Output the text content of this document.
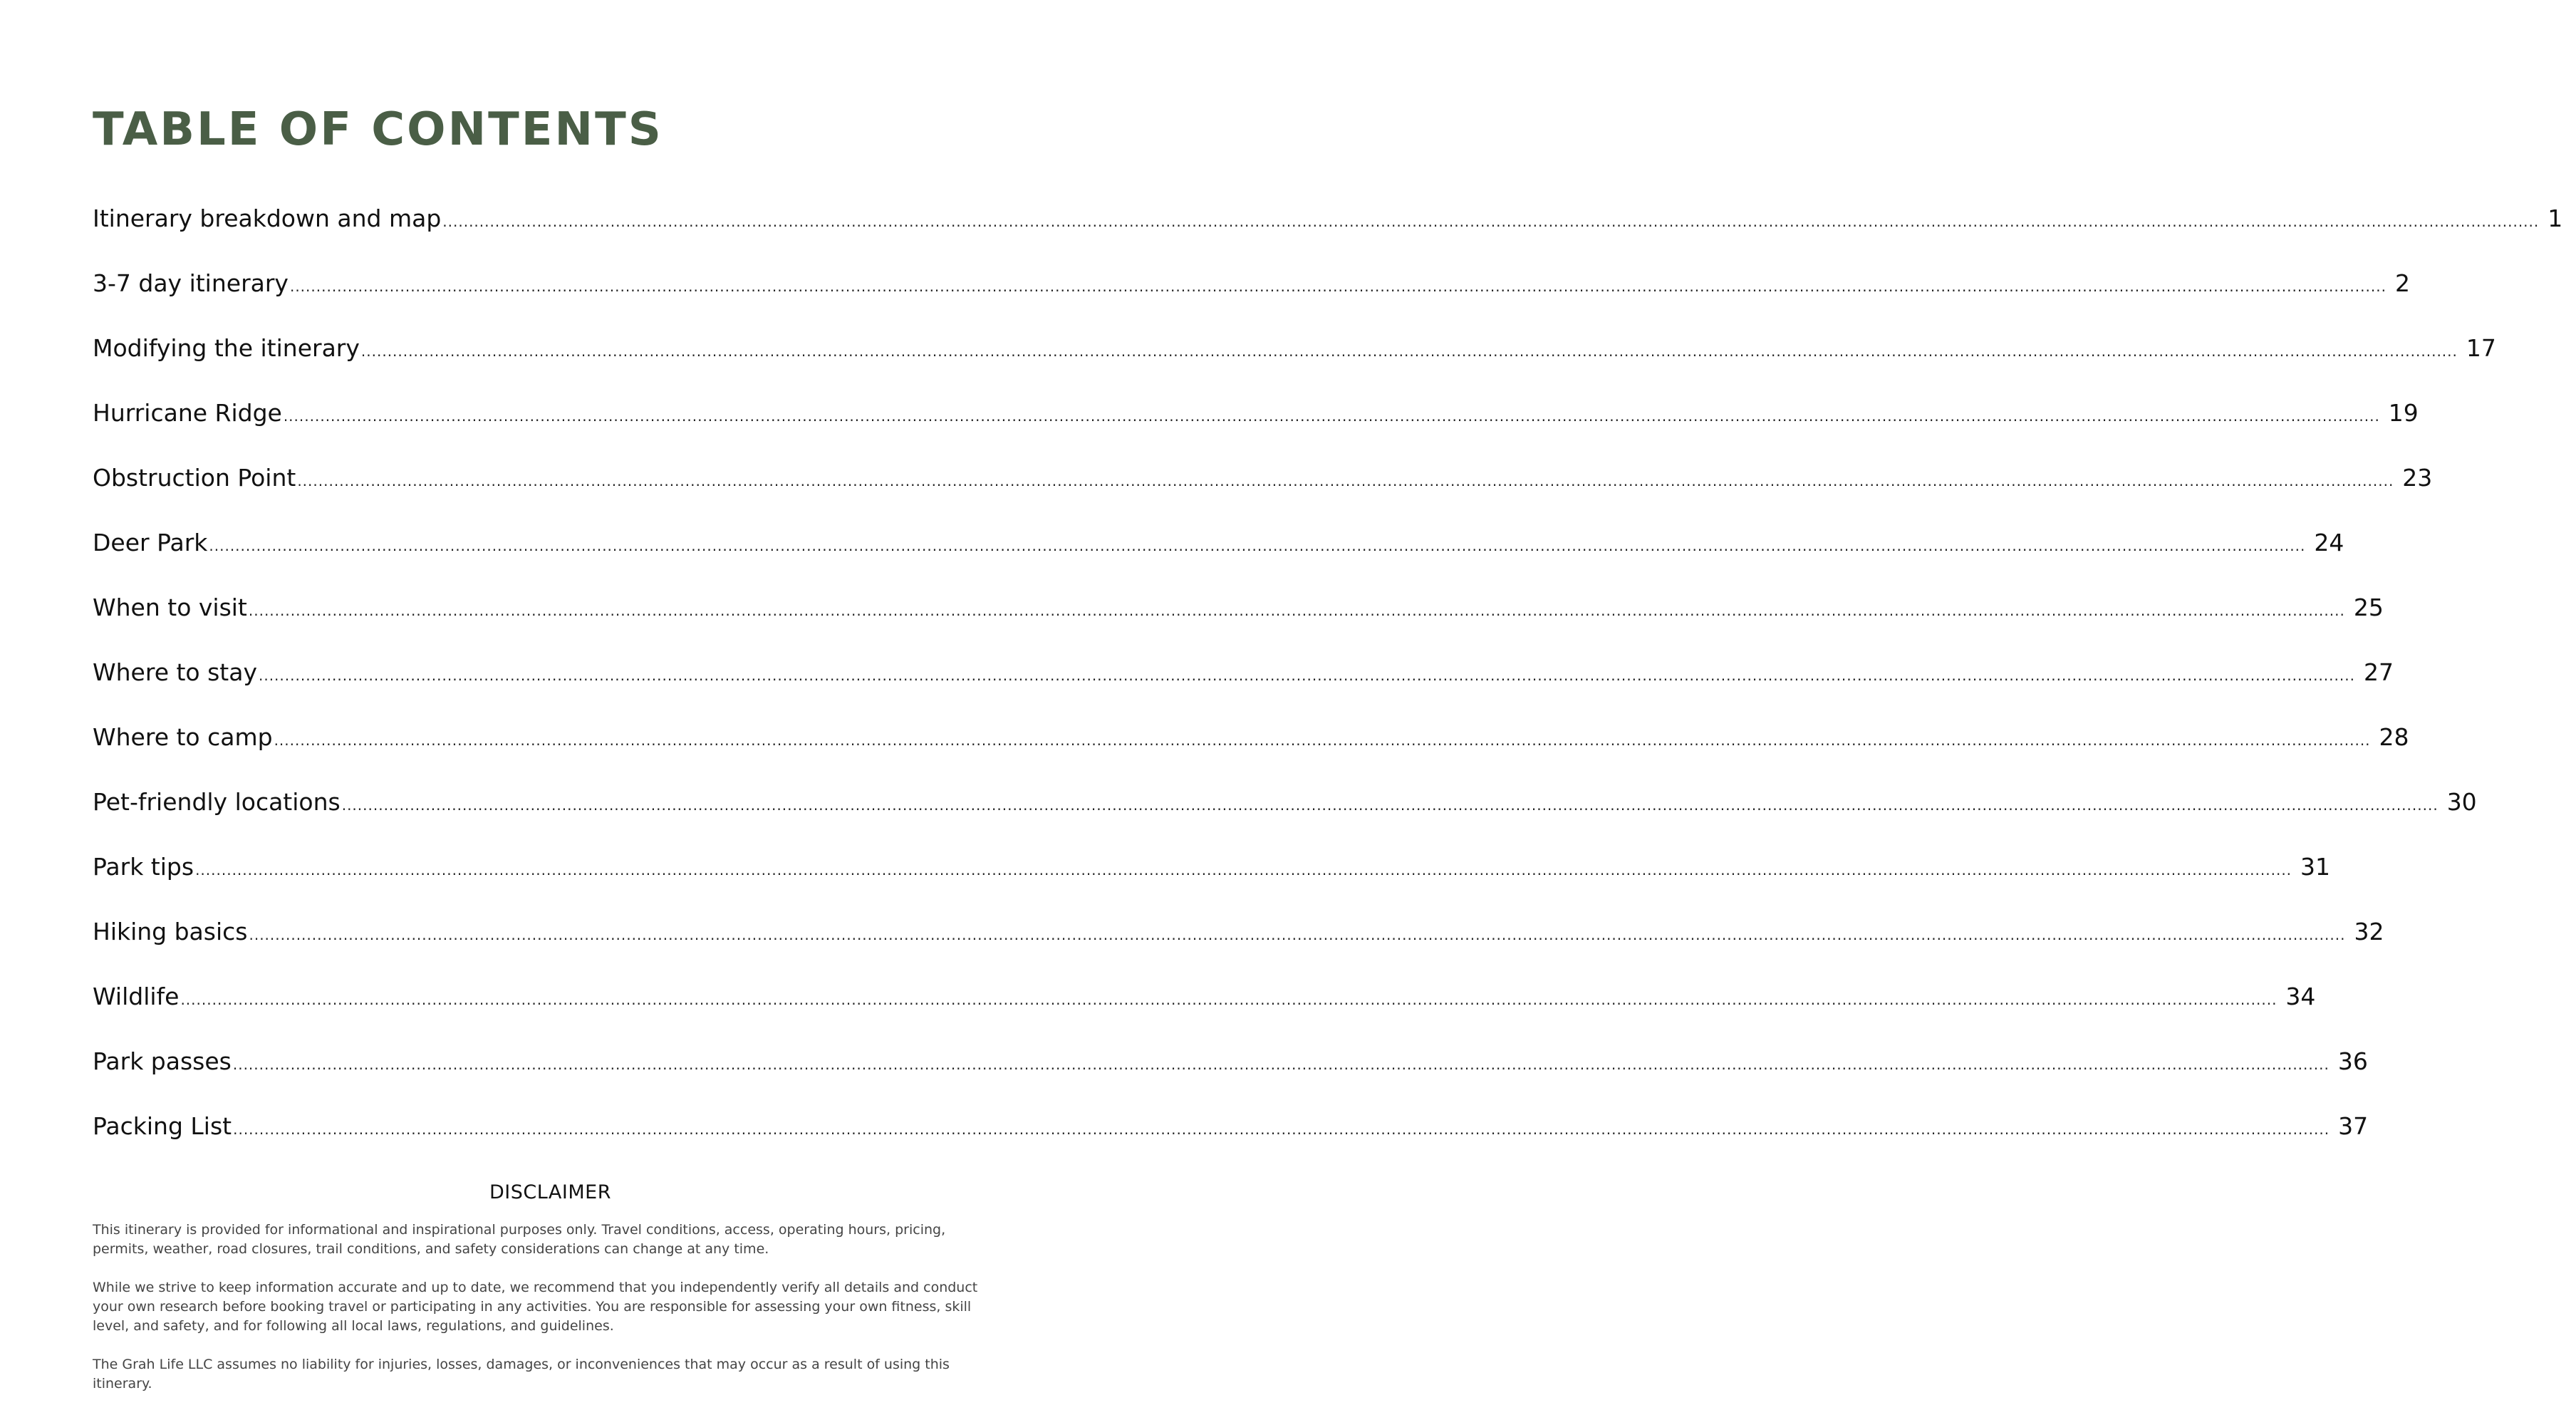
TABLE OF CONTENTS
Itinerary breakdown and map ................................................................................................................................................................................................................................................................................................................................................................................................................ 1
3-7 day itinerary ................................................................................................................................................................................................................................................................................................................................................................................................................ 2
Modifying the itinerary ................................................................................................................................................................................................................................................................................................................................................................................................................ 17
Hurricane Ridge ................................................................................................................................................................................................................................................................................................................................................................................................................ 19
Obstruction Point ................................................................................................................................................................................................................................................................................................................................................................................................................ 23
Deer Park ................................................................................................................................................................................................................................................................................................................................................................................................................ 24
When to visit ................................................................................................................................................................................................................................................................................................................................................................................................................ 25
Where to stay ................................................................................................................................................................................................................................................................................................................................................................................................................ 27
Where to camp ................................................................................................................................................................................................................................................................................................................................................................................................................ 28
Pet-friendly locations ................................................................................................................................................................................................................................................................................................................................................................................................................ 30
Park tips ................................................................................................................................................................................................................................................................................................................................................................................................................ 31
Hiking basics ................................................................................................................................................................................................................................................................................................................................................................................................................ 32
Wildlife ................................................................................................................................................................................................................................................................................................................................................................................................................ 34
Park passes ................................................................................................................................................................................................................................................................................................................................................................................................................ 36
Packing List ................................................................................................................................................................................................................................................................................................................................................................................................................ 37
DISCLAIMER

This itinerary is provided for informational and inspirational purposes only. Travel conditions, access, operating hours, pricing, permits, weather, road closures, trail conditions, and safety considerations can change at any time.

While we strive to keep information accurate and up to date, we recommend that you independently verify all details and conduct your own research before booking travel or participating in any activities. You are responsible for assessing your own fitness, skill level, and safety, and for following all local laws, regulations, and guidelines.

The Grah Life LLC assumes no liability for injuries, losses, damages, or inconveniences that may occur as a result of using this itinerary.
